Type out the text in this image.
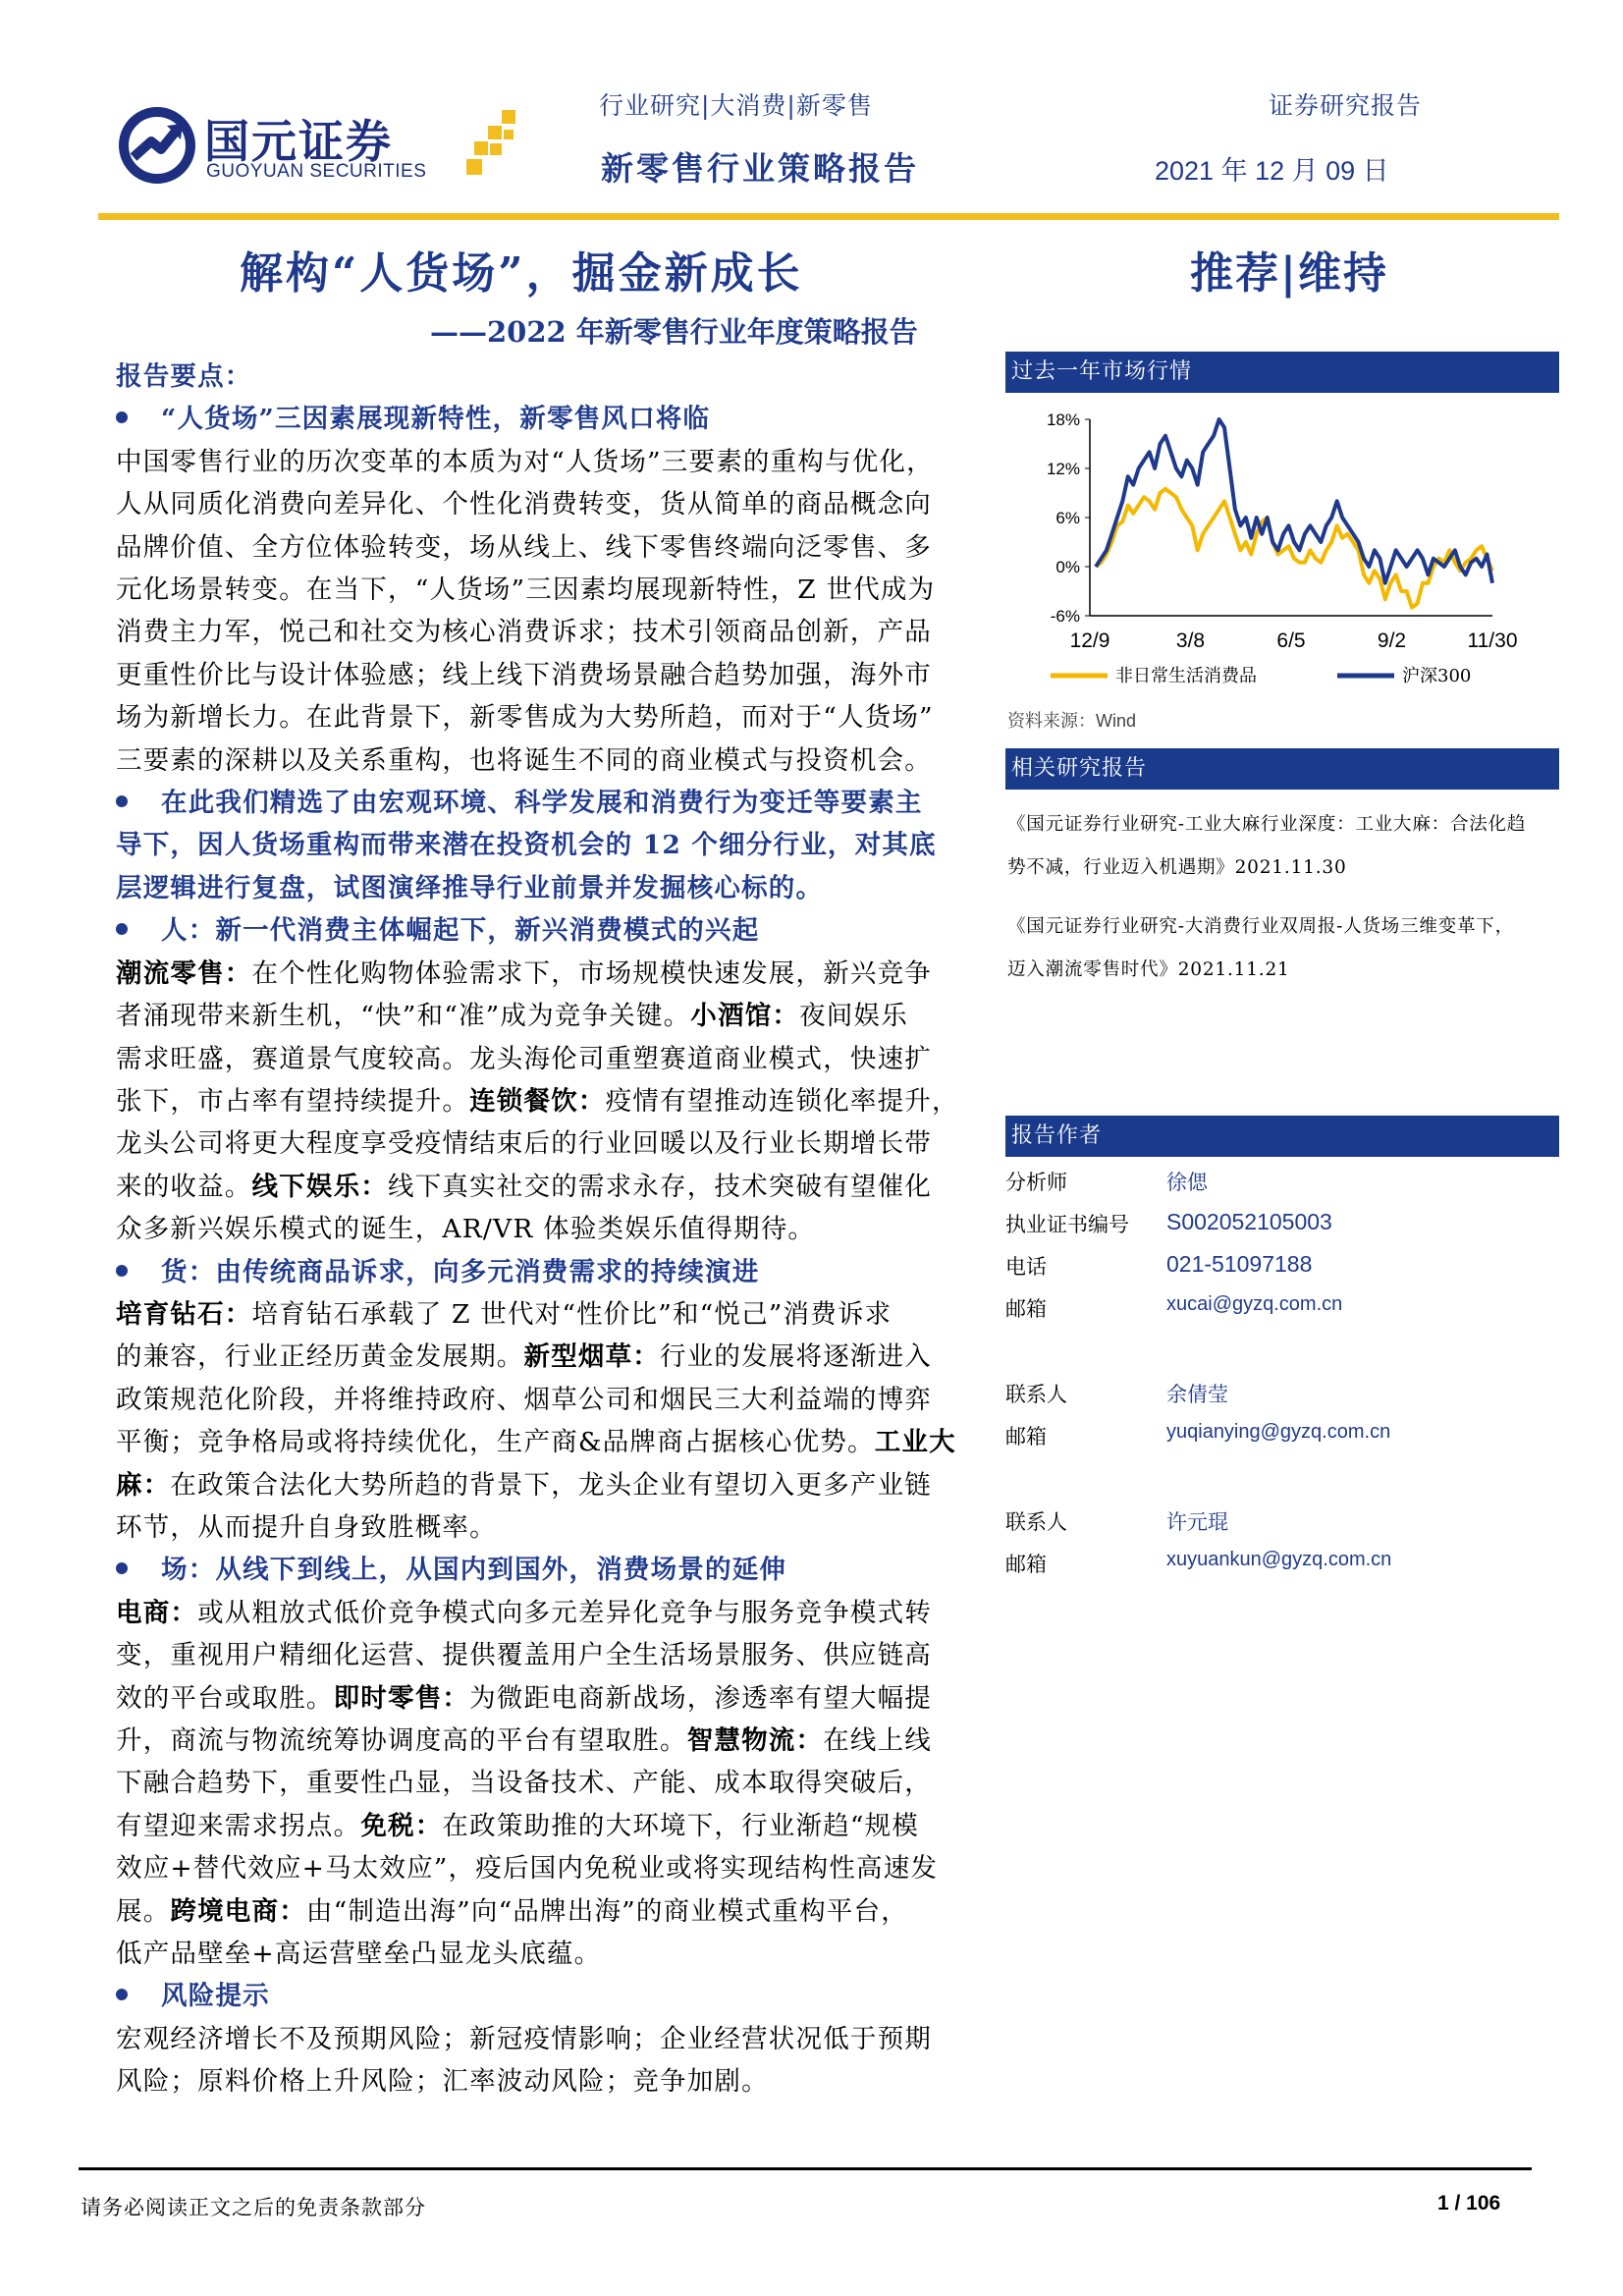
国元证券
GUOYUAN SECURITIES
行业研究|大消费|新零售
新零售行业策略报告
证券研究报告
2021 年 12 月 09 日
解构“人货场”，掘金新成长
——2022 年新零售行业年度策略报告
推荐|维持
报告要点：
“人货场”三因素展现新特性，新零售风口将临
中国零售行业的历次变革的本质为对“人货场”三要素的重构与优化，
人从同质化消费向差异化、个性化消费转变，货从简单的商品概念向
品牌价值、全方位体验转变，场从线上、线下零售终端向泛零售、多
元化场景转变。在当下，“人货场”三因素均展现新特性，Z 世代成为
消费主力军，悦己和社交为核心消费诉求；技术引领商品创新，产品
更重性价比与设计体验感；线上线下消费场景融合趋势加强，海外市
场为新增长力。在此背景下，新零售成为大势所趋，而对于“人货场”
三要素的深耕以及关系重构，也将诞生不同的商业模式与投资机会。
在此我们精选了由宏观环境、科学发展和消费行为变迁等要素主
导下，因人货场重构而带来潜在投资机会的 12 个细分行业，对其底
层逻辑进行复盘，试图演绎推导行业前景并发掘核心标的。
人：新一代消费主体崛起下，新兴消费模式的兴起
潮流零售：在个性化购物体验需求下，市场规模快速发展，新兴竞争
者涌现带来新生机，“快”和“准”成为竞争关键。小酒馆：夜间娱乐
需求旺盛，赛道景气度较高。龙头海伦司重塑赛道商业模式，快速扩
张下，市占率有望持续提升。连锁餐饮：疫情有望推动连锁化率提升，
龙头公司将更大程度享受疫情结束后的行业回暖以及行业长期增长带
来的收益。线下娱乐：线下真实社交的需求永存，技术突破有望催化
众多新兴娱乐模式的诞生，AR/VR 体验类娱乐值得期待。
货：由传统商品诉求，向多元消费需求的持续演进
培育钻石：培育钻石承载了 Z 世代对“性价比”和“悦己”消费诉求
的兼容，行业正经历黄金发展期。新型烟草：行业的发展将逐渐进入
政策规范化阶段，并将维持政府、烟草公司和烟民三大利益端的博弈
平衡；竞争格局或将持续优化，生产商&品牌商占据核心优势。工业大
麻：在政策合法化大势所趋的背景下，龙头企业有望切入更多产业链
环节，从而提升自身致胜概率。
场：从线下到线上，从国内到国外，消费场景的延伸
电商：或从粗放式低价竞争模式向多元差异化竞争与服务竞争模式转
变，重视用户精细化运营、提供覆盖用户全生活场景服务、供应链高
效的平台或取胜。即时零售：为微距电商新战场，渗透率有望大幅提
升，商流与物流统筹协调度高的平台有望取胜。智慧物流：在线上线
下融合趋势下，重要性凸显，当设备技术、产能、成本取得突破后，
有望迎来需求拐点。免税：在政策助推的大环境下，行业渐趋“规模
效应+替代效应+马太效应”，疫后国内免税业或将实现结构性高速发
展。跨境电商：由“制造出海”向“品牌出海”的商业模式重构平台，
低产品壁垒+高运营壁垒凸显龙头底蕴。
风险提示
宏观经济增长不及预期风险；新冠疫情影响；企业经营状况低于预期
风险；原料价格上升风险；汇率波动风险；竞争加剧。
过去一年市场行情
18%
12%
6%
0%
-6%
12/9	3/8	6/5	9/2	11/30
非日常生活消费品	沪深300
资料来源：Wind
相关研究报告
《国元证券行业研究-工业大麻行业深度：工业大麻：合法化趋
势不减，行业迈入机遇期》2021.11.30
《国元证券行业研究-大消费行业双周报-人货场三维变革下，
迈入潮流零售时代》2021.11.21
报告作者
分析师	徐偲
执业证书编号 S002052105003
电话	021-51097188
邮箱	xucai@gyzq.com.cn
联系人	余倩莹
邮箱	yuqianying@gyzq.com.cn
联系人	许元琨
邮箱	xuyuankun@gyzq.com.cn
请务必阅读正文之后的免责条款部分	1 / 106
